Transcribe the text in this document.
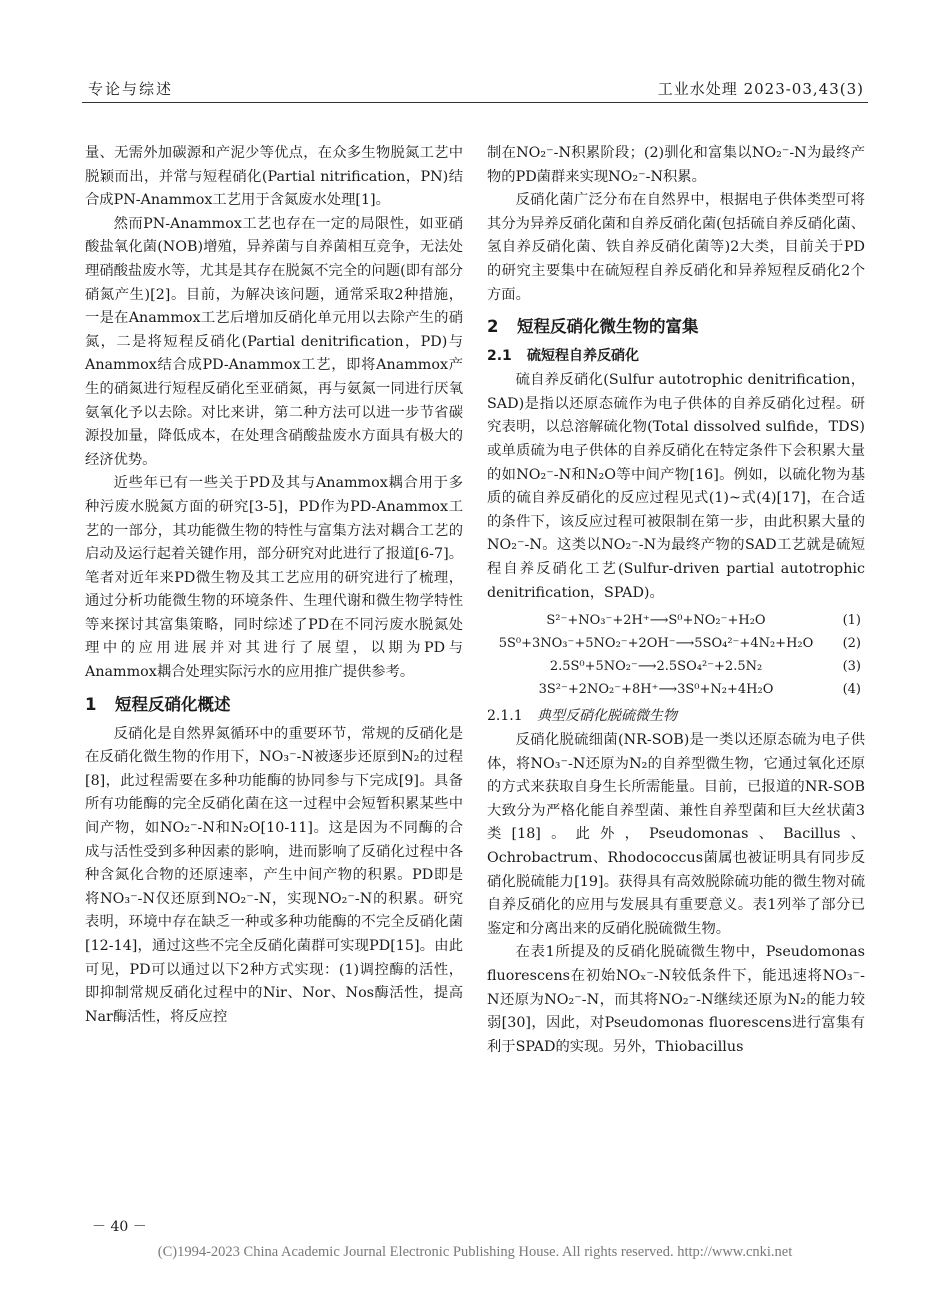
专论与综述	工业水处理 2023-03,43(3)

量、无需外加碳源和产泥少等优点，在众多生物脱氮工艺中脱颖而出，并常与短程硝化(Partial nitrification，PN)结合成PN-Anammox工艺用于含氮废水处理[1]。

然而PN-Anammox工艺也存在一定的局限性，如亚硝酸盐氧化菌(NOB)增殖，异养菌与自养菌相互竞争，无法处理硝酸盐废水等，尤其是其存在脱氮不完全的问题(即有部分硝氮产生)[2]。目前，为解决该问题，通常采取2种措施，一是在Anammox工艺后增加反硝化单元用以去除产生的硝氮，二是将短程反硝化(Partial denitrification，PD)与Anammox结合成PD-Anammox工艺，即将Anammox产生的硝氮进行短程反硝化至亚硝氮，再与氨氮一同进行厌氧氨氧化予以去除。对比来讲，第二种方法可以进一步节省碳源投加量，降低成本，在处理含硝酸盐废水方面具有极大的经济优势。

近些年已有一些关于PD及其与Anammox耦合用于多种污废水脱氮方面的研究[3-5]，PD作为PD-Anammox工艺的一部分，其功能微生物的特性与富集方法对耦合工艺的启动及运行起着关键作用，部分研究对此进行了报道[6-7]。笔者对近年来PD微生物及其工艺应用的研究进行了梳理，通过分析功能微生物的环境条件、生理代谢和微生物学特性等来探讨其富集策略，同时综述了PD在不同污废水脱氮处理中的应用进展并对其进行了展望，以期为PD与Anammox耦合处理实际污水的应用推广提供参考。

1 短程反硝化概述

反硝化是自然界氮循环中的重要环节，常规的反硝化是在反硝化微生物的作用下，NO₃⁻-N被逐步还原到N₂的过程[8]，此过程需要在多种功能酶的协同参与下完成[9]。具备所有功能酶的完全反硝化菌在这一过程中会短暂积累某些中间产物，如NO₂⁻-N和N₂O[10-11]。这是因为不同酶的合成与活性受到多种因素的影响，进而影响了反硝化过程中各种含氮化合物的还原速率，产生中间产物的积累。PD即是将NO₃⁻-N仅还原到NO₂⁻-N，实现NO₂⁻-N的积累。研究表明，环境中存在缺乏一种或多种功能酶的不完全反硝化菌[12-14]，通过这些不完全反硝化菌群可实现PD[15]。由此可见，PD可以通过以下2种方式实现：(1)调控酶的活性，即抑制常规反硝化过程中的Nir、Nor、Nos酶活性，提高Nar酶活性，将反应控

制在NO₂⁻-N积累阶段；(2)驯化和富集以NO₂⁻-N为最终产物的PD菌群来实现NO₂⁻-N积累。

反硝化菌广泛分布在自然界中，根据电子供体类型可将其分为异养反硝化菌和自养反硝化菌(包括硫自养反硝化菌、氢自养反硝化菌、铁自养反硝化菌等)2大类，目前关于PD的研究主要集中在硫短程自养反硝化和异养短程反硝化2个方面。

2 短程反硝化微生物的富集
2.1 硫短程自养反硝化

硫自养反硝化(Sulfur autotrophic denitrification，SAD)是指以还原态硫作为电子供体的自养反硝化过程。研究表明，以总溶解硫化物(Total dissolved sulfide，TDS)或单质硫为电子供体的自养反硝化在特定条件下会积累大量的如NO₂⁻-N和N₂O等中间产物[16]。例如，以硫化物为基质的硫自养反硝化的反应过程见式(1)~式(4)[17]，在合适的条件下，该反应过程可被限制在第一步，由此积累大量的NO₂⁻-N。这类以NO₂⁻-N为最终产物的SAD工艺就是硫短程自养反硝化工艺(Sulfur-driven partial autotrophic denitrification，SPAD)。

S²⁻+NO₃⁻+2H⁺⟶S⁰+NO₂⁻+H₂O	(1)
5S⁰+3NO₃⁻+5NO₂⁻+2OH⁻⟶5SO₄²⁻+4N₂+H₂O	(2)
2.5S⁰+5NO₂⁻⟶2.5SO₄²⁻+2.5N₂	(3)
3S²⁻+2NO₂⁻+8H⁺⟶3S⁰+N₂+4H₂O	(4)
2.1.1 典型反硝化脱硫微生物

反硝化脱硫细菌(NR-SOB)是一类以还原态硫为电子供体，将NO₃⁻-N还原为N₂的自养型微生物，它通过氧化还原的方式来获取自身生长所需能量。目前，已报道的NR-SOB大致分为严格化能自养型菌、兼性自养型菌和巨大丝状菌3类[18]。此外，Pseudomonas、Bacillus、Ochrobactrum、Rhodococcus菌属也被证明具有同步反硝化脱硫能力[19]。获得具有高效脱除硫功能的微生物对硫自养反硝化的应用与发展具有重要意义。表1列举了部分已鉴定和分离出来的反硝化脱硫微生物。

在表1所提及的反硝化脱硫微生物中，Pseudomonas fluorescens在初始NOₓ⁻-N较低条件下，能迅速将NO₃⁻-N还原为NO₂⁻-N，而其将NO₂⁻-N继续还原为N₂的能力较弱[30]，因此，对Pseudomonas fluorescens进行富集有利于SPAD的实现。另外，Thiobacillus

－ 40 －
(C)1994-2023 China Academic Journal Electronic Publishing House. All rights reserved. http://www.cnki.net
